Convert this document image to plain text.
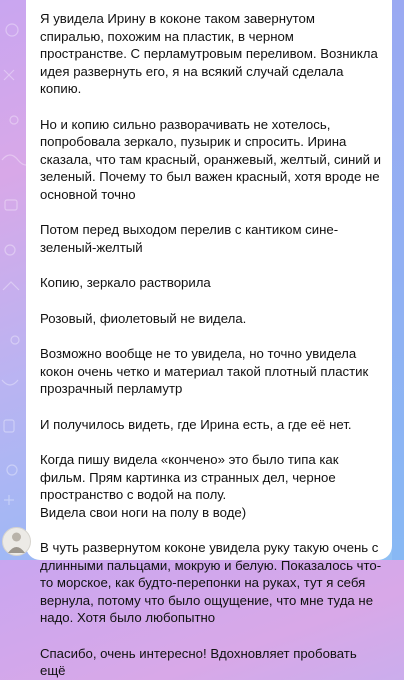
Я увидела Ирину в коконе таком завернутом спиралью, похожим на пластик, в черном пространстве. С перламутровым переливом. Возникла идея развернуть его, я на всякий случай сделала копию.

Но и копию сильно разворачивать не хотелось, попробовала зеркало, пузырик и спросить. Ирина сказала, что там красный, оранжевый, желтый, синий и зеленый. Почему то был важен красный, хотя вроде не основной точно

Потом перед выходом перелив с кантиком сине-зеленый-желтый

Копию, зеркало растворила

Розовый, фиолетовый не видела.

Возможно вообще не то увидела, но точно увидела кокон очень четко и материал такой плотный пластик прозрачный перламутр

И получилось видеть, где Ирина есть, а где её нет.

Когда пишу видела «кончено» это было типа как фильм. Прям картинка из странных дел, черное пространство с водой на полу.
Видела свои ноги на полу в воде)

В чуть развернутом коконе увидела руку такую очень с длинными пальцами, мокрую и белую. Показалось что-то морское, как будто-перепонки на руках, тут я себя вернула, потому что было ощущение, что мне туда не надо. Хотя было любопытно

Спасибо, очень интересно! Вдохновляет пробовать ещё
